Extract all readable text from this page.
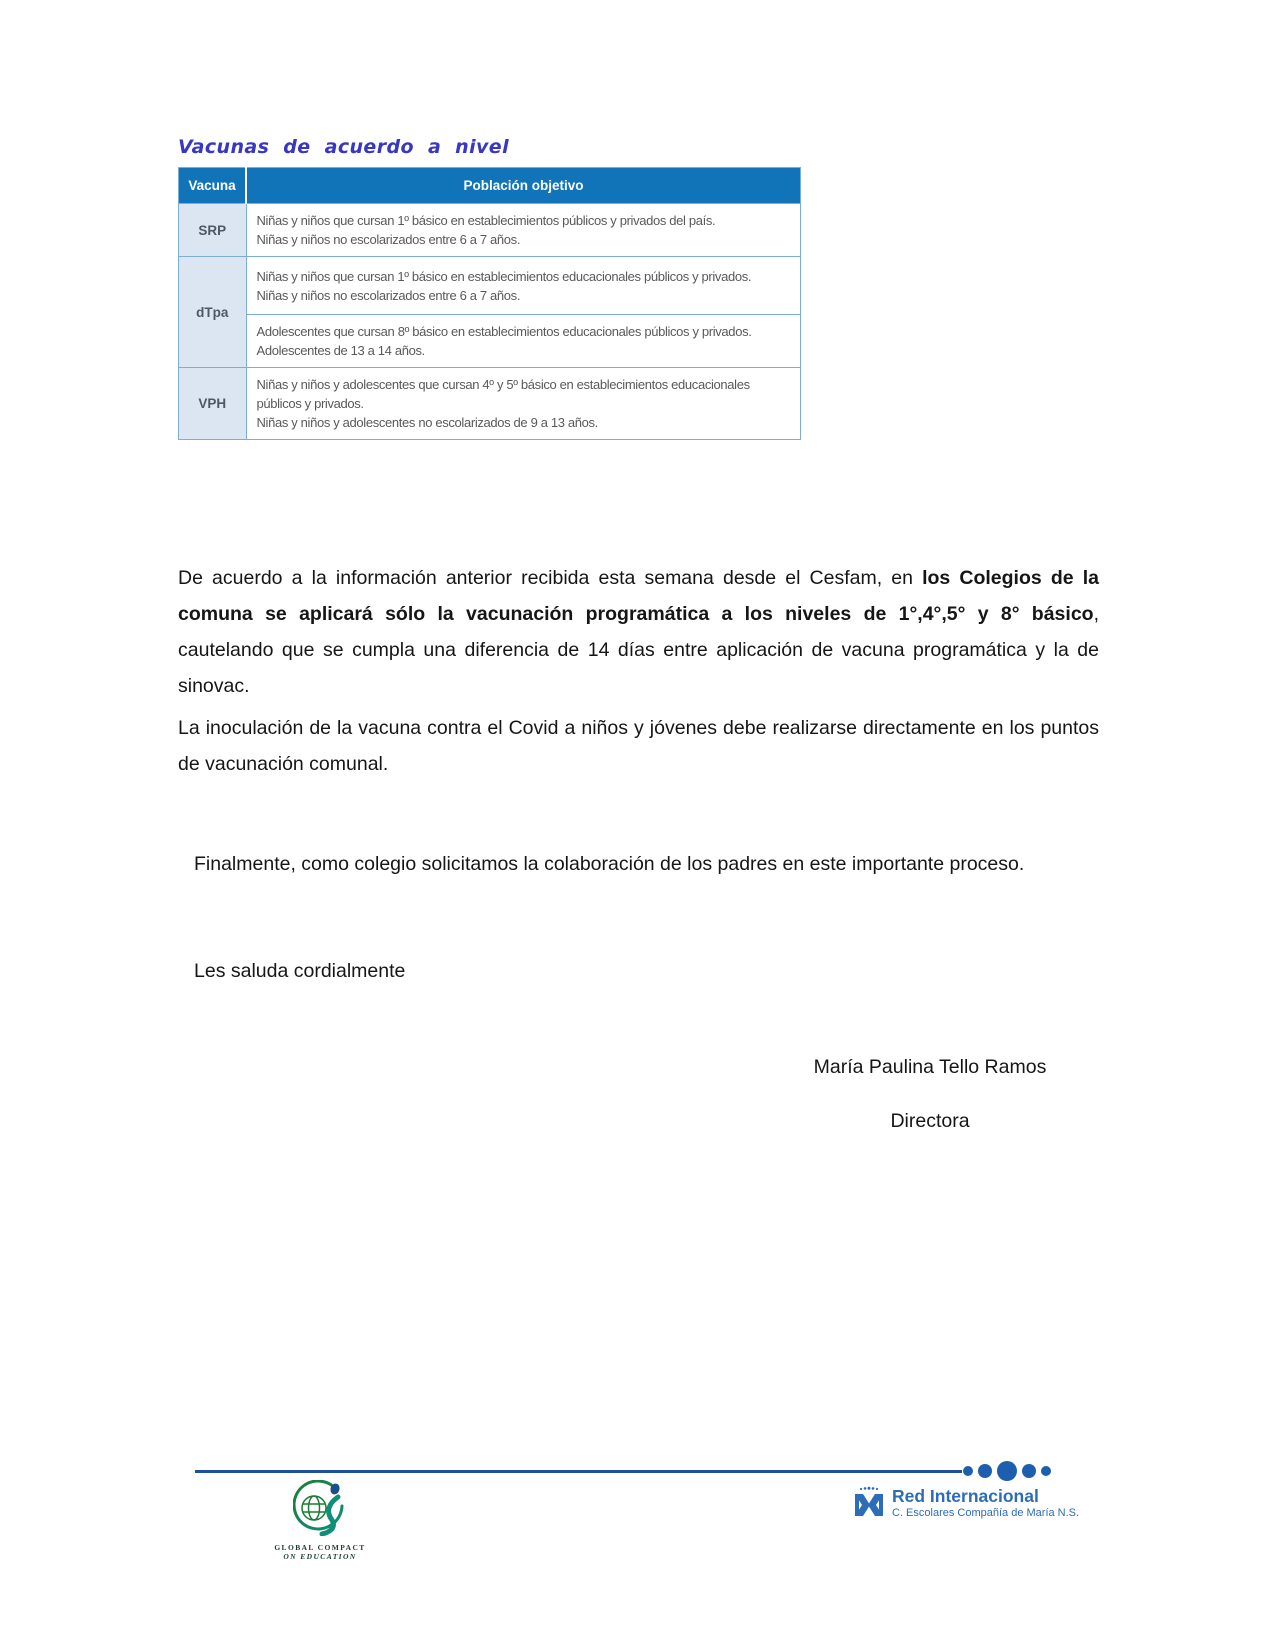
Vacunas de acuerdo a nivel
Vacuna	Población objetivo
SRP	Niñas y niños que cursan 1º básico en establecimientos públicos y privados del país.
Niñas y niños no escolarizados entre 6 a 7 años.

dTpa	Niñas y niños que cursan 1º básico en establecimientos educacionales públicos y privados.
Niñas y niños no escolarizados entre 6 a 7 años.

	Adolescentes que cursan 8º básico en establecimientos educacionales públicos y privados.
Adolescentes de 13 a 14 años.

VPH	Niñas y niños y adolescentes que cursan 4º y 5º básico en establecimientos educacionales públicos y privados.
Niñas y niños y adolescentes no escolarizados de 9 a 13 años.

De acuerdo a la información anterior recibida esta semana desde el Cesfam, en los Colegios de la comuna se aplicará sólo la vacunación programática a los niveles de 1°,4°,5° y 8° básico, cautelando que se cumpla una diferencia de 14 días entre aplicación de vacuna programática y la de sinovac.

La inoculación de la vacuna contra el Covid a niños y jóvenes debe realizarse directamente en los puntos de vacunación comunal.

Finalmente, como colegio solicitamos la colaboración de los padres en este importante proceso.

Les saluda cordialmente
María Paulina Tello Ramos
Directora
GLOBAL COMPACT
ON EDUCATION
Red Internacional
C. Escolares Compañía de María N.S.
